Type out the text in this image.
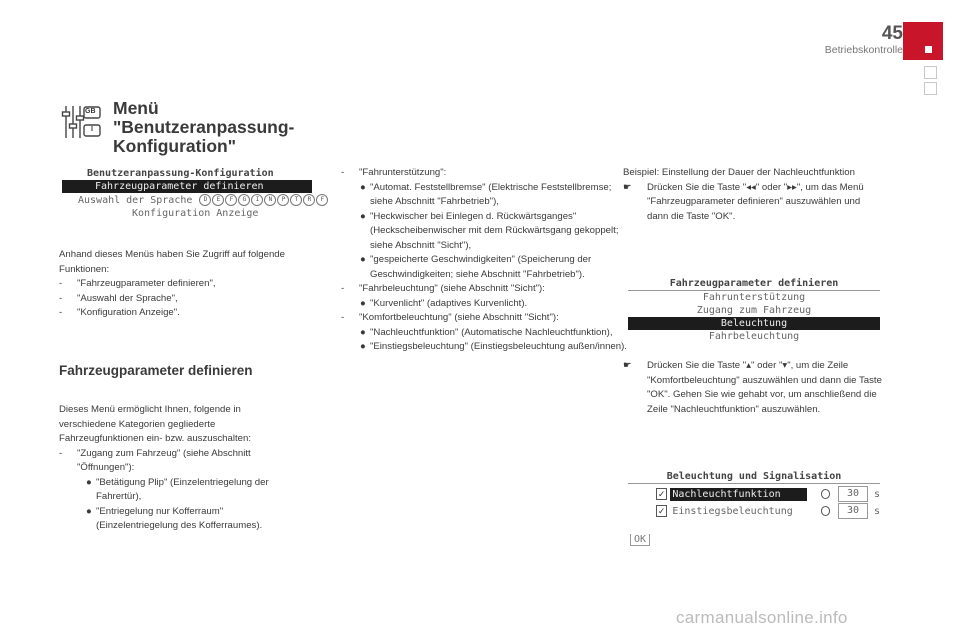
45
Betriebskontrolle
GB
I
Menü
"Benutzeranpassung-
Konfiguration"
Benutzeranpassung-Konfiguration
Fahrzeugparameter definieren
Auswahl der Sprache D E F G I N P T R F
Konfiguration Anzeige

Anhand dieses Menüs haben Sie Zugriff auf folgende Funktionen:

-	"Fahrzeugparameter definieren",
-	"Auswahl der Sprache",
-	"Konfiguration Anzeige".
Fahrzeugparameter definieren

Dieses Menü ermöglicht Ihnen, folgende in verschiedene Kategorien gegliederte Fahrzeugfunktionen ein- bzw. auszuschalten:

-	"Zugang zum Fahrzeug" (siehe Abschnitt "Öffnungen"):
● "Betätigung Plip" (Einzelentriegelung der Fahrertür),
● "Entriegelung nur Kofferraum" (Einzelentriegelung des Kofferraumes).
-	"Fahrunterstützung":
● "Automat. Feststellbremse" (Elektrische Feststellbremse; siehe Abschnitt "Fahrbetrieb"),
● "Heckwischer bei Einlegen d. Rückwärtsganges" (Heckscheibenwischer mit dem Rückwärtsgang gekoppelt; siehe Abschnitt "Sicht"),
● "gespeicherte Geschwindigkeiten" (Speicherung der Geschwindigkeiten; siehe Abschnitt "Fahrbetrieb").
-	"Fahrbeleuchtung" (siehe Abschnitt "Sicht"):
● "Kurvenlicht" (adaptives Kurvenlicht).
-	"Komfortbeleuchtung" (siehe Abschnitt "Sicht"):
● "Nachleuchtfunktion" (Automatische Nachleuchtfunktion),
● "Einstiegsbeleuchtung" (Einstiegsbeleuchtung außen/innen).

Beispiel: Einstellung der Dauer der Nachleuchtfunktion

☛	Drücken Sie die Taste "◂◂" oder "▸▸", um das Menü "Fahrzeugparameter definieren" auszuwählen und dann die Taste "OK".
Fahrzeugparameter definieren
Fahrunterstützung
Zugang zum Fahrzeug
Beleuchtung
Fahrbeleuchtung
☛	Drücken Sie die Taste "▴" oder "▾", um die Zeile "Komfortbeleuchtung" auszuwählen und dann die Taste "OK". Gehen Sie wie gehabt vor, um anschließend die Zeile "Nachleuchtfunktion" auszuwählen.
Beleuchtung und Signalisation
✓ Nachleuchtfunktion	30	s
✓ Einstiegsbeleuchtung	30	s
OK
carmanualsonline.info
